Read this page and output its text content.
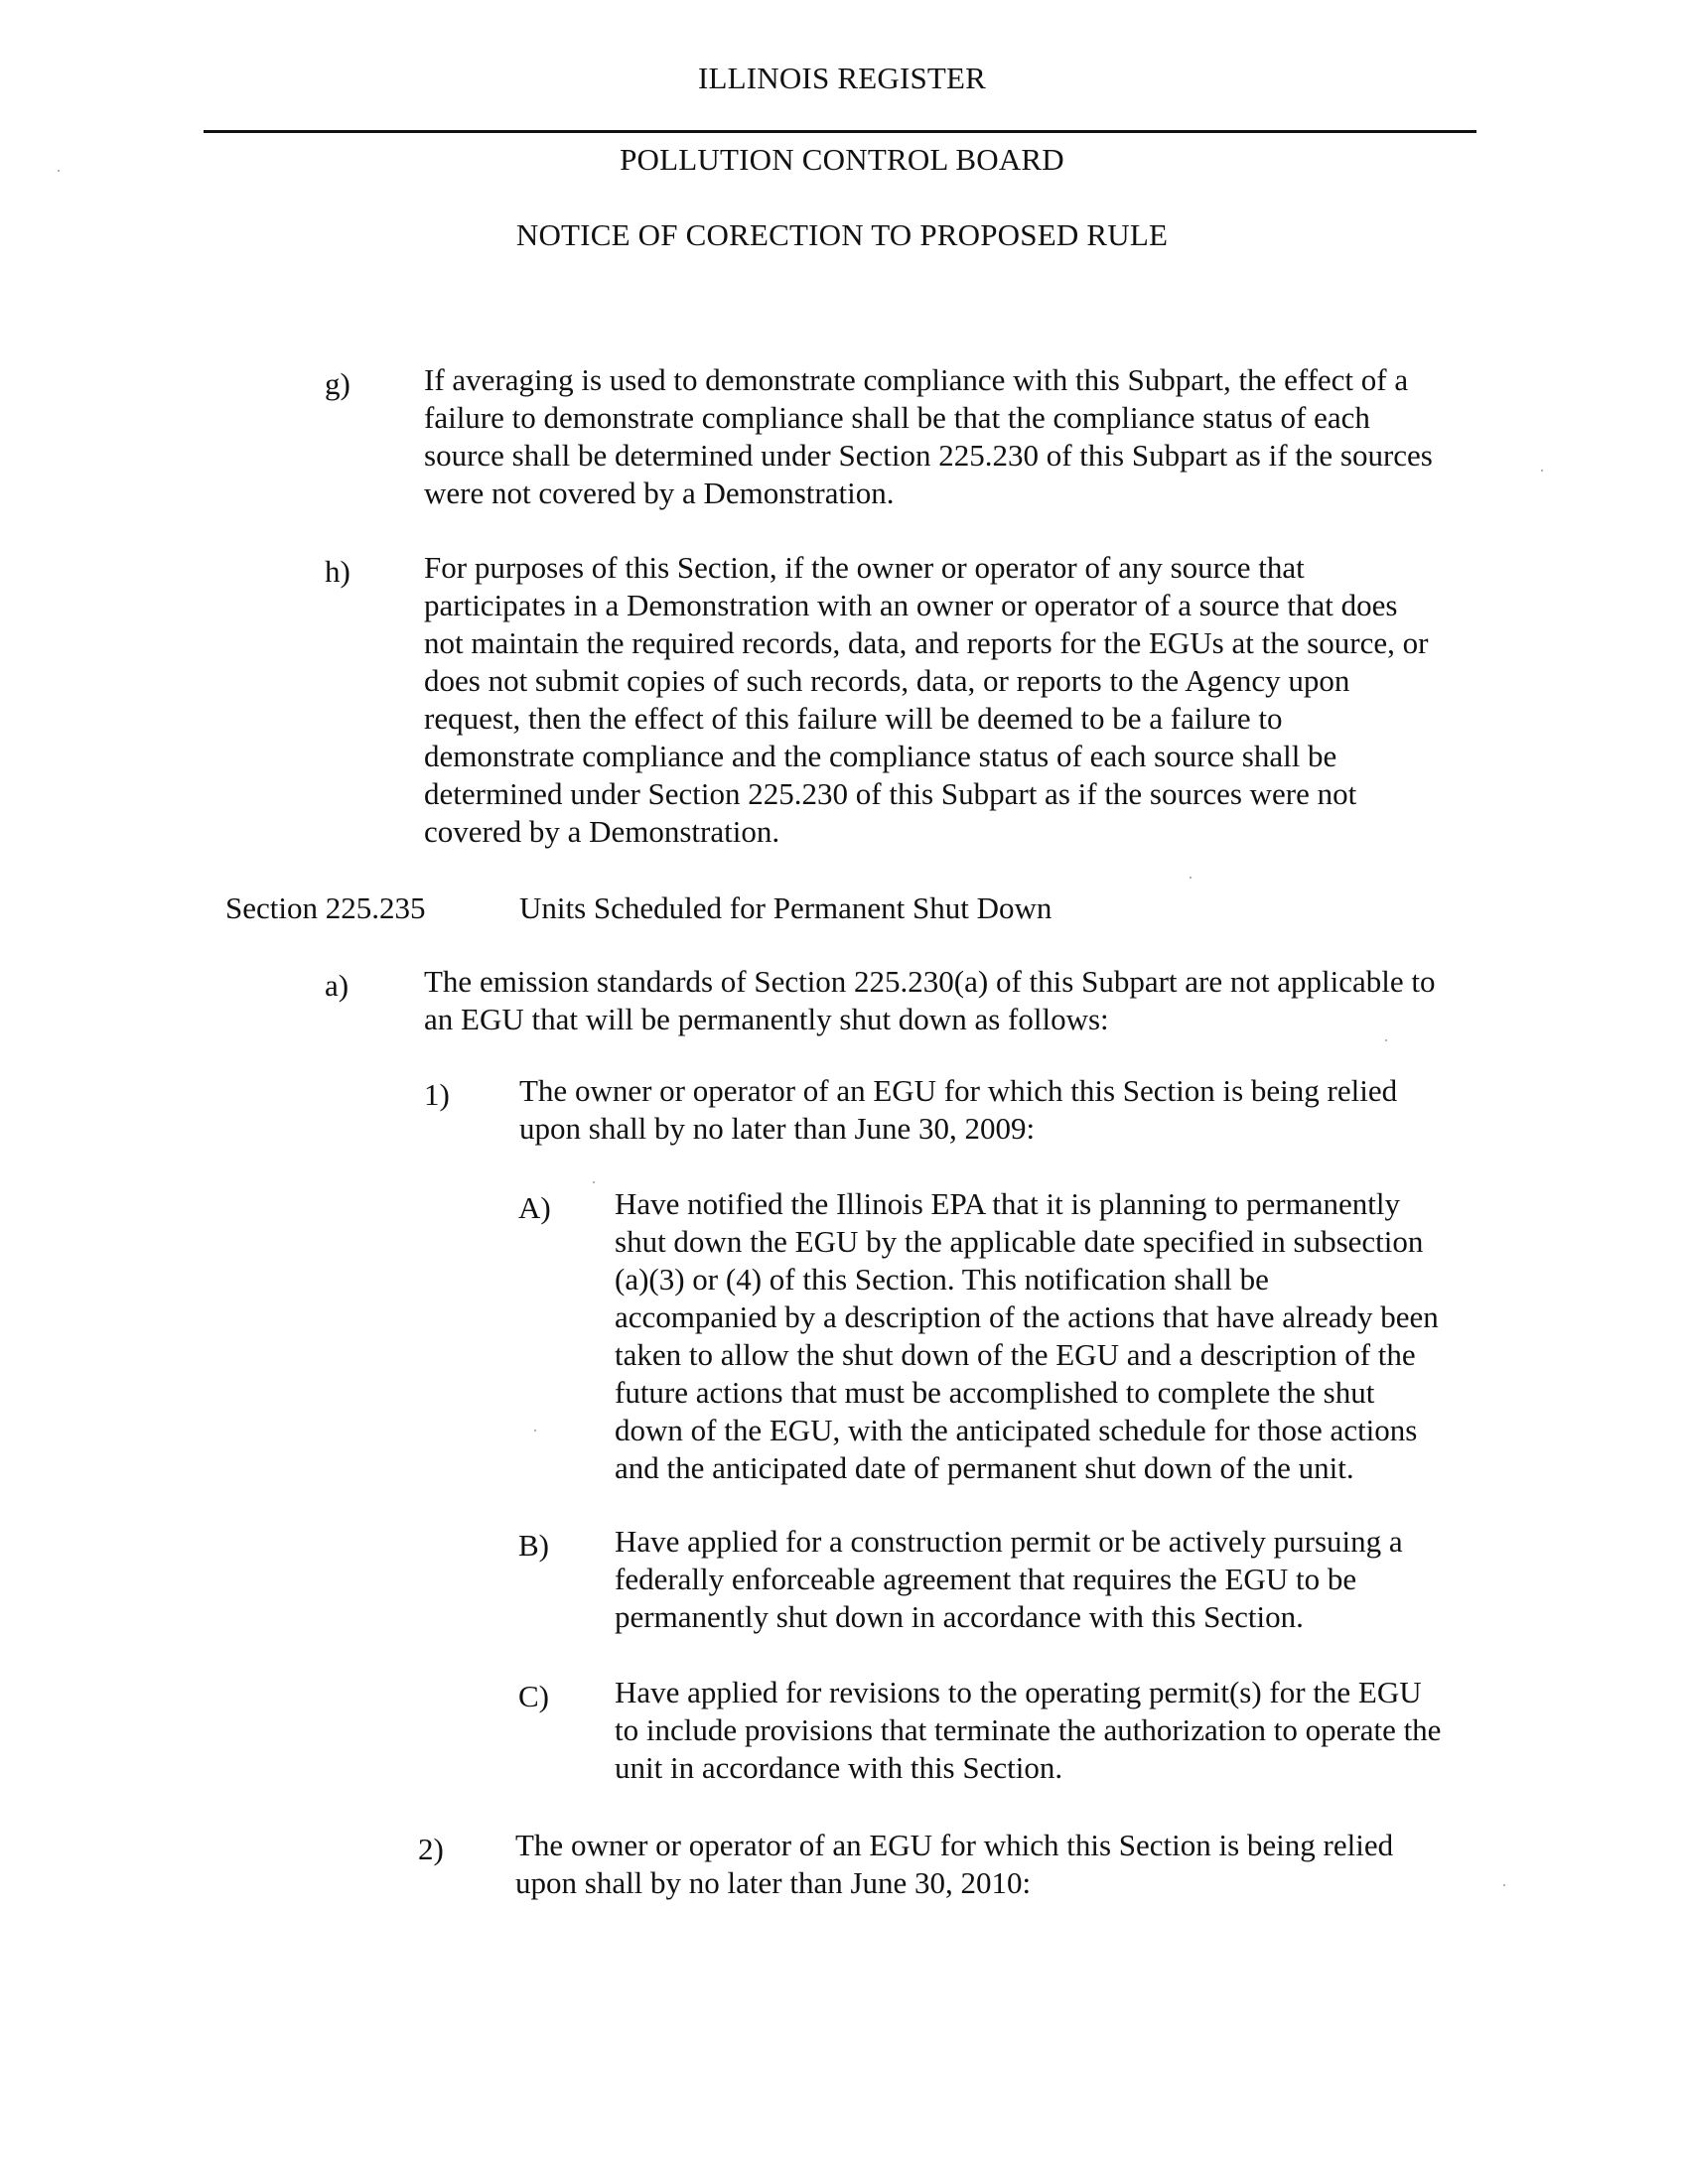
ILLINOIS REGISTER
POLLUTION CONTROL BOARD
NOTICE OF CORECTION TO PROPOSED RULE
g) If averaging is used to demonstrate compliance with this Subpart, the effect of a
failure to demonstrate compliance shall be that the compliance status of each
source shall be determined under Section 225.230 of this Subpart as if the sources
were not covered by a Demonstration.
h) For purposes of this Section, if the owner or operator of any source that
participates in a Demonstration with an owner or operator of a source that does
not maintain the required records, data, and reports for the EGUs at the source, or
does not submit copies of such records, data, or reports to the Agency upon
request, then the effect of this failure will be deemed to be a failure to
demonstrate compliance and the compliance status of each source shall be
determined under Section 225.230 of this Subpart as if the sources were not
covered by a Demonstration.
Section 225.235	Units Scheduled for Permanent Shut Down
a) The emission standards of Section 225.230(a) of this Subpart are not applicable to
an EGU that will be permanently shut down as follows:
1) The owner or operator of an EGU for which this Section is being relied
upon shall by no later than June 30, 2009:
A) Have notified the Illinois EPA that it is planning to permanently
shut down the EGU by the applicable date specified in subsection
(a)(3) or (4) of this Section. This notification shall be
accompanied by a description of the actions that have already been
taken to allow the shut down of the EGU and a description of the
future actions that must be accomplished to complete the shut
down of the EGU, with the anticipated schedule for those actions
and the anticipated date of permanent shut down of the unit.
B) Have applied for a construction permit or be actively pursuing a
federally enforceable agreement that requires the EGU to be
permanently shut down in accordance with this Section.
C) Have applied for revisions to the operating permit(s) for the EGU
to include provisions that terminate the authorization to operate the
unit in accordance with this Section.
2) The owner or operator of an EGU for which this Section is being relied
upon shall by no later than June 30, 2010:
